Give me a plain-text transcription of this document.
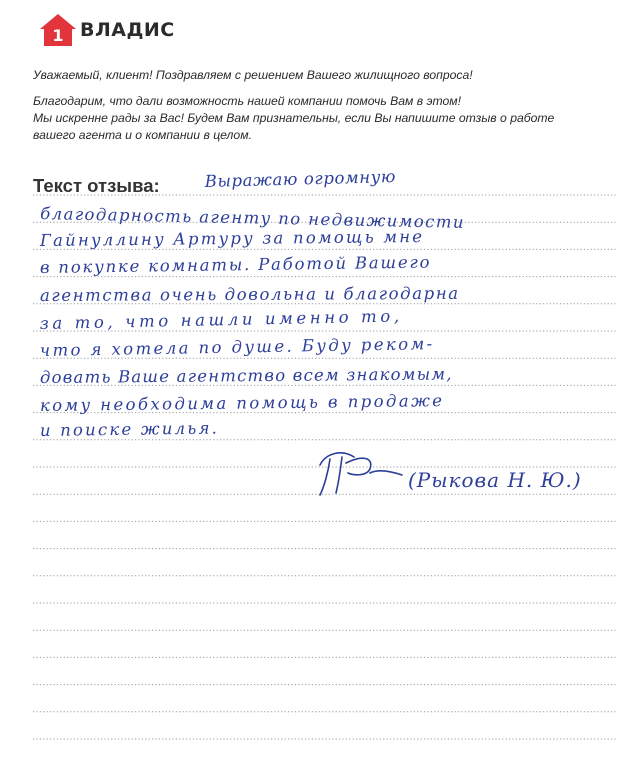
1 ВЛАДИС

Уважаемый, клиент! Поздравляем с решением Вашего жилищного вопроса!

Благодарим, что дали возможность нашей компании помочь Вам в этом!
Мы искренне рады за Вас! Будем Вам признательны, если Вы напишите отзыв о работе
вашего агента и о компании в целом.

Текст отзыва:	Выражаю огромную
благодарность агенту по недвижимости
Гайнуллину Артуру за помощь мне
в покупке комнаты. Работой Вашего
агентства очень довольна и благодарна
за то, что нашли именно то,
что я хотела по душе. Буду реком-
довать Ваше агентство всем знакомым,
кому необходима помощь в продаже
и поиске жилья.
(Рыкова Н. Ю.)
